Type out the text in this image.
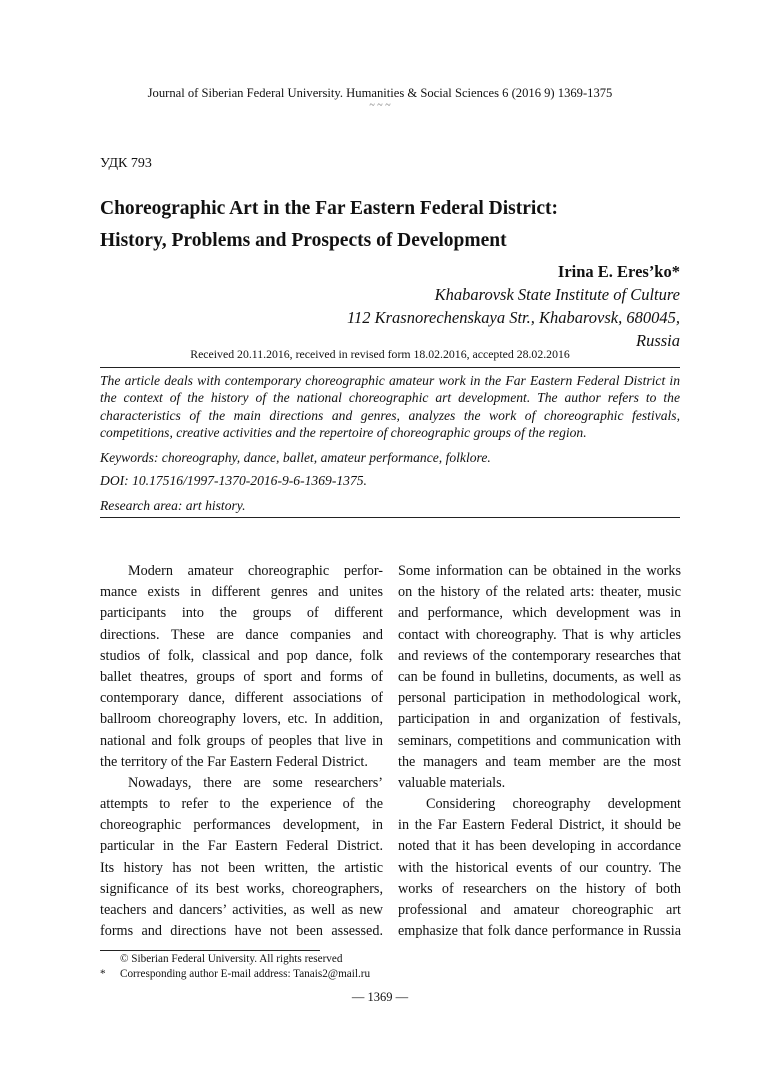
Journal of Siberian Federal University. Humanities & Social Sciences 6 (2016 9) 1369-1375
~ ~ ~
УДК 793
Choreographic Art in the Far Eastern Federal District:
History, Problems and Prospects of Development
Irina E. Eres’ko*
Khabarovsk State Institute of Culture
112 Krasnorechenskaya Str., Khabarovsk, 680045, Russia
Received 20.11.2016, received in revised form 18.02.2016, accepted 28.02.2016
The article deals with contemporary choreographic amateur work in the Far Eastern Federal District in the context of the history of the national choreographic art development. The author refers to the characteristics of the main directions and genres, analyzes the work of choreographic festivals, competitions, creative activities and the repertoire of choreographic groups of the region.
Keywords: choreography, dance, ballet, amateur performance, folklore.
DOI: 10.17516/1997-1370-2016-9-6-1369-1375.
Research area: art history.
Modern amateur choreographic perfor-
mance exists in different genres and unites
participants into the groups of different
directions. These are dance companies and
studios of folk, classical and pop dance, folk
ballet theatres, groups of sport and forms of
contemporary dance, different associations of
ballroom choreography lovers, etc. In addition,
national and folk groups of peoples that live in
the territory of the Far Eastern Federal District.
Nowadays, there are some researchers’
attempts to refer to the experience of the
choreographic performances development, in
particular in the Far Eastern Federal District.
Its history has not been written, the artistic
significance of its best works, choreographers,
teachers and dancers’ activities, as well as new
forms and directions have not been assessed.
Some information can be obtained in the works
on the history of the related arts: theater, music
and performance, which development was in
contact with choreography. That is why articles
and reviews of the contemporary researches that
can be found in bulletins, documents, as well as
personal participation in methodological work,
participation in and organization of festivals,
seminars, competitions and communication with
the managers and team member are the most
valuable materials.
Considering choreography development
in the Far Eastern Federal District, it should be
noted that it has been developing in accordance
with the historical events of our country. The
works of researchers on the history of both
professional and amateur choreographic art
emphasize that folk dance performance in Russia
© Siberian Federal University. All rights reserved
* Corresponding author E-mail address: Tanais2@mail.ru
— 1369 —
